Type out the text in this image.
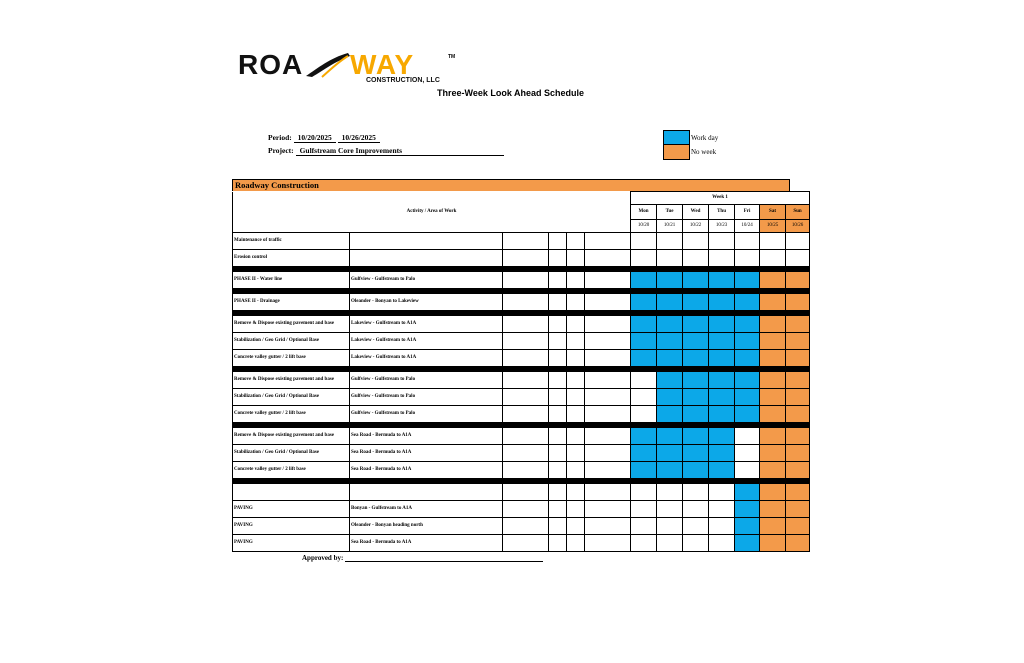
ROA WAY	TM
CONSTRUCTION, LLC
Three-Week Look Ahead Schedule
Period: 10/20/2025 10/26/2025
Project: Gulfstream Core Improvements
Work day
No week
Roadway Construction
Activity / Area of Work						Week 1						
						Mon	Tue	Wed	Thu	Fri	Sat	Sun
						10/20	10/21	10/22	10/23	10/24	10/25	10/26
Maintenance of traffic												
Erosion control												

PHASE II - Water line	Gulfview - Gulfstream to Palo											

PHASE II - Drainage	Oleander - Bonyan to Lakeview											

Remove & Dispose existing pavement and base	Lakeview - Gulfstream to A1A											
Stabilization / Geo Grid / Optional Base	Lakeview - Gulfstream to A1A											
Concrete valley gutter / 2 lift base	Lakeview - Gulfstream to A1A											

Remove & Dispose existing pavement and base	Gulfview - Gulfstream to Palo											
Stabilization / Geo Grid / Optional Base	Gulfview - Gulfstream to Palo											
Concrete valley gutter / 2 lift base	Gulfview - Gulfstream to Palo											

Remove & Dispose existing pavement and base	Sea Road - Bermuda to A1A											
Stabilization / Geo Grid / Optional Base	Sea Road - Bermuda to A1A											
Concrete valley gutter / 2 lift base	Sea Road - Bermuda to A1A											

PAVING	Bonyan - Gulfstream to A1A											
PAVING	Oleander - Bonyan heading north											
PAVING	Sea Road - Bermuda to A1A											
Approved by:
